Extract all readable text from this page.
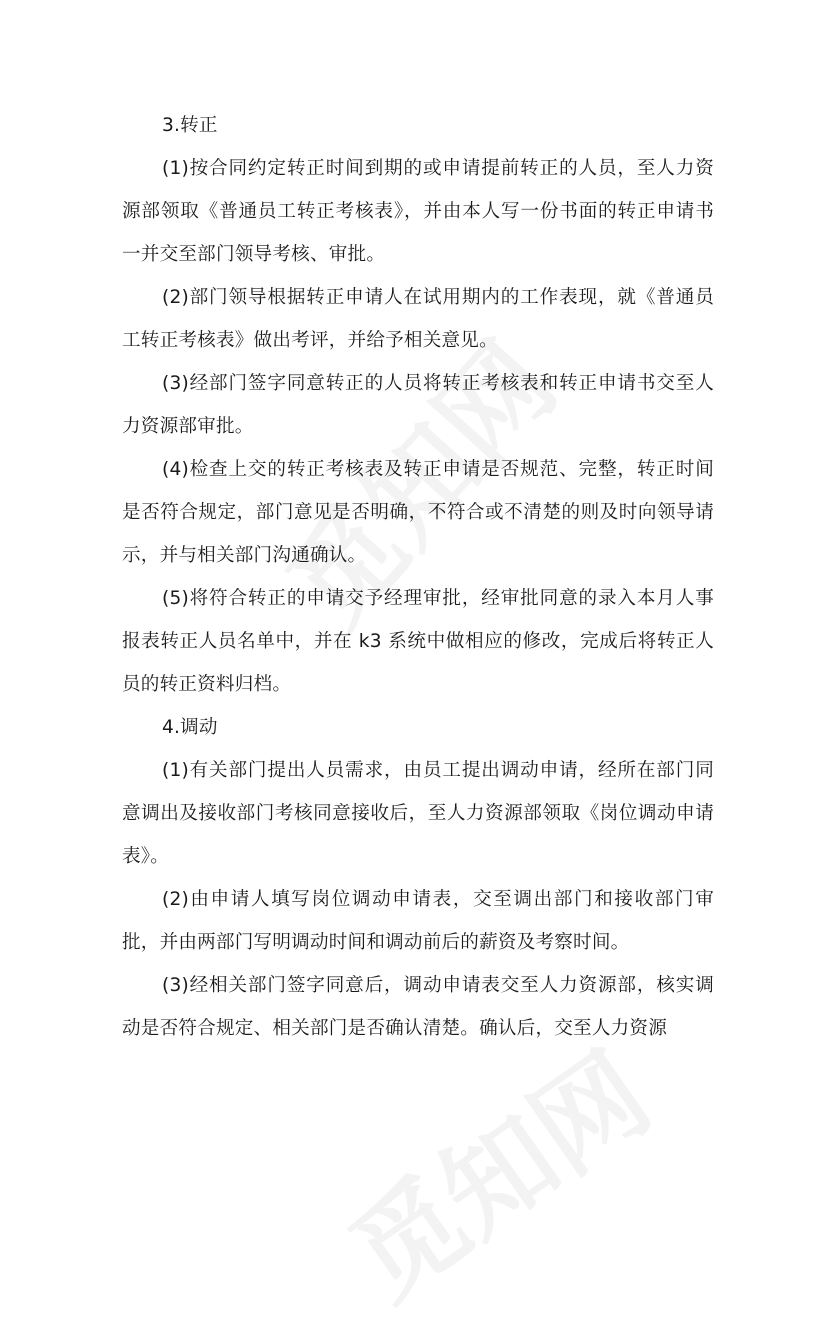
3.转正

(1)按合同约定转正时间到期的或申请提前转正的人员，至人力资源部领取《普通员工转正考核表》，并由本人写一份书面的转正申请书一并交至部门领导考核、审批。

(2)部门领导根据转正申请人在试用期内的工作表现，就《普通员工转正考核表》做出考评，并给予相关意见。

(3)经部门签字同意转正的人员将转正考核表和转正申请书交至人力资源部审批。

(4)检查上交的转正考核表及转正申请是否规范、完整，转正时间是否符合规定，部门意见是否明确，不符合或不清楚的则及时向领导请示，并与相关部门沟通确认。

(5)将符合转正的申请交予经理审批，经审批同意的录入本月人事报表转正人员名单中，并在 k3 系统中做相应的修改，完成后将转正人员的转正资料归档。

4.调动

(1)有关部门提出人员需求，由员工提出调动申请，经所在部门同意调出及接收部门考核同意接收后，至人力资源部领取《岗位调动申请表》。

(2)由申请人填写岗位调动申请表，交至调出部门和接收部门审批，并由两部门写明调动时间和调动前后的薪资及考察时间。

(3)经相关部门签字同意后，调动申请表交至人力资源部，核实调动是否符合规定、相关部门是否确认清楚。确认后，交至人力资源
